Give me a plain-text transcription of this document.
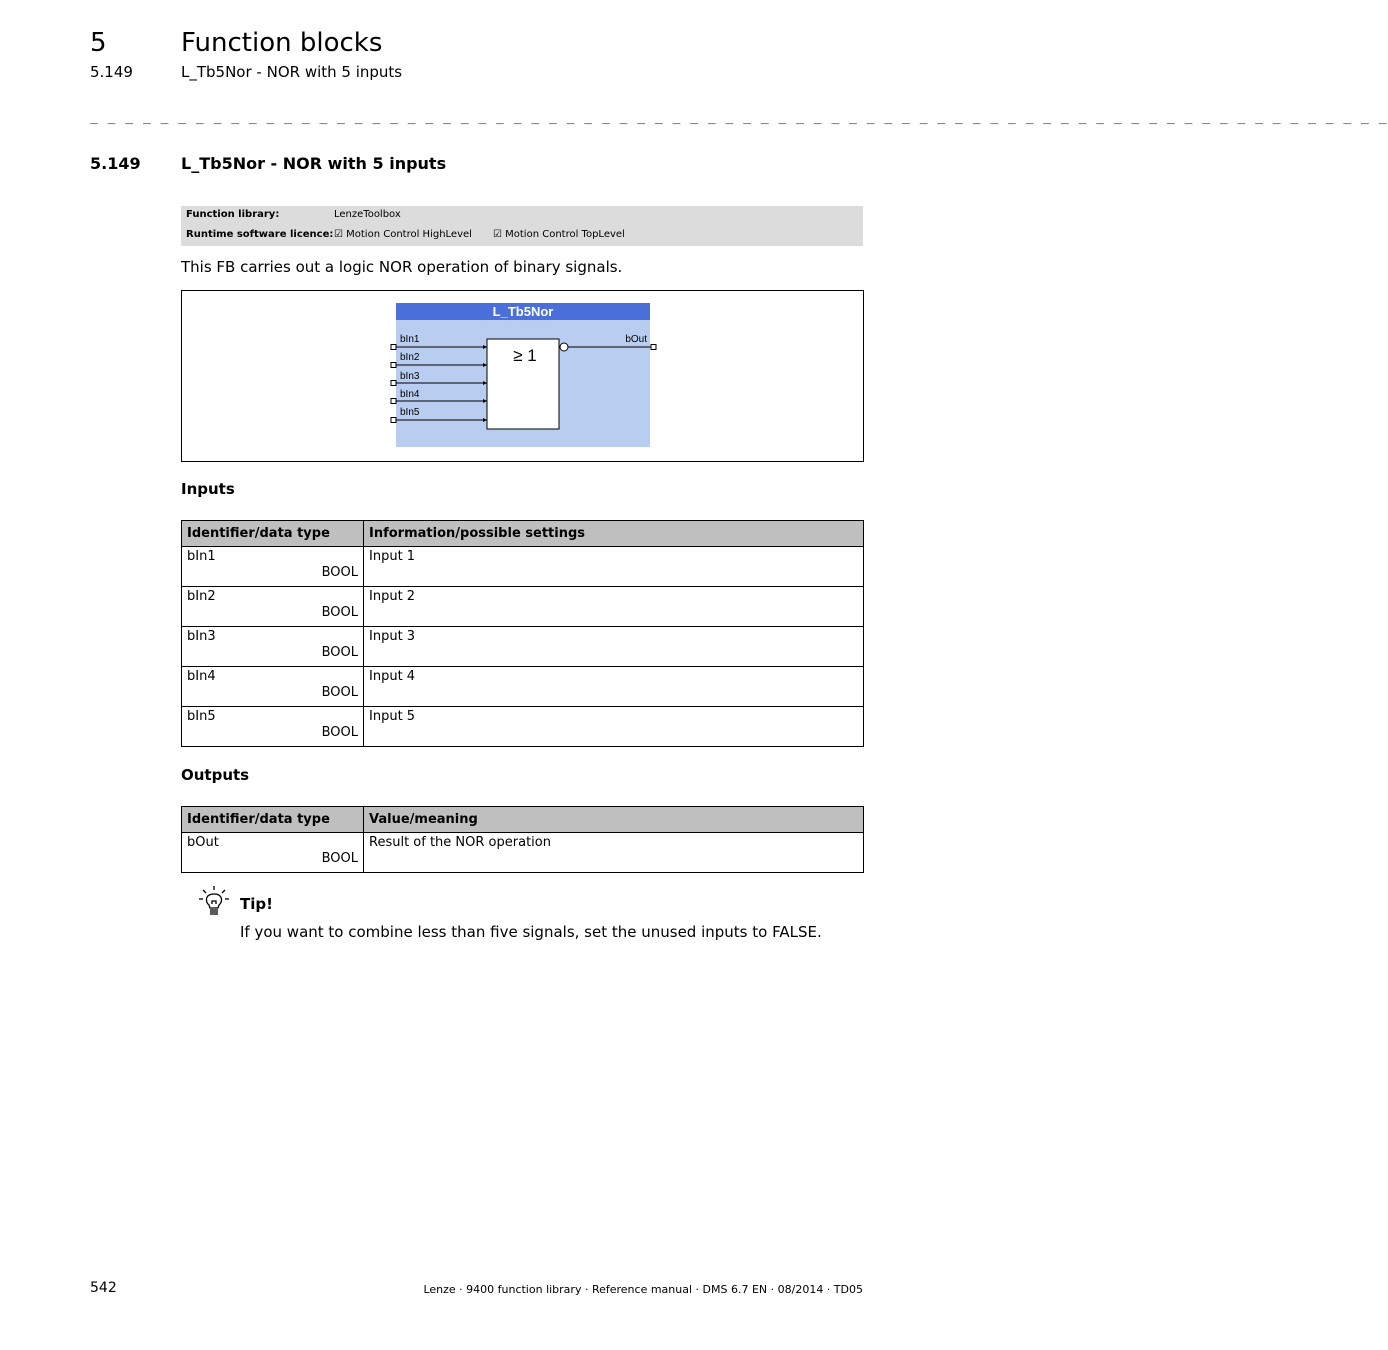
5	Function blocks
5.149	L_Tb5Nor - NOR with 5 inputs
_ _ _ _ _ _ _ _ _ _ _ _ _ _ _ _ _ _ _ _ _ _ _ _ _ _ _ _ _ _ _ _ _ _ _ _ _ _ _ _ _ _ _ _ _ _ _ _ _ _ _ _ _ _ _ _ _ _ _ _ _ _ _ _ _ _ _ _ _ _ _ _ _ _
5.149	L_Tb5Nor - NOR with 5 inputs
Function library:	LenzeToolbox
Runtime software licence: ☑ Motion Control HighLevel ☑ Motion Control TopLevel
This FB carries out a logic NOR operation of binary signals.
L_Tb5Nor
≥ 1
bOut
bIn1
bIn2
bIn3
bIn4
bIn5
Inputs
Identifier/data type	Information/possible settings

bIn1
BOOL	Input 1

bIn2
BOOL	Input 2

bIn3
BOOL	Input 3

bIn4
BOOL	Input 4

bIn5
BOOL	Input 5
Outputs
Identifier/data type	Value/meaning

bOut
BOOL	Result of the NOR operation
Tip!
If you want to combine less than five signals, set the unused inputs to FALSE.
542	Lenze · 9400 function library · Reference manual · DMS 6.7 EN · 08/2014 · TD05
